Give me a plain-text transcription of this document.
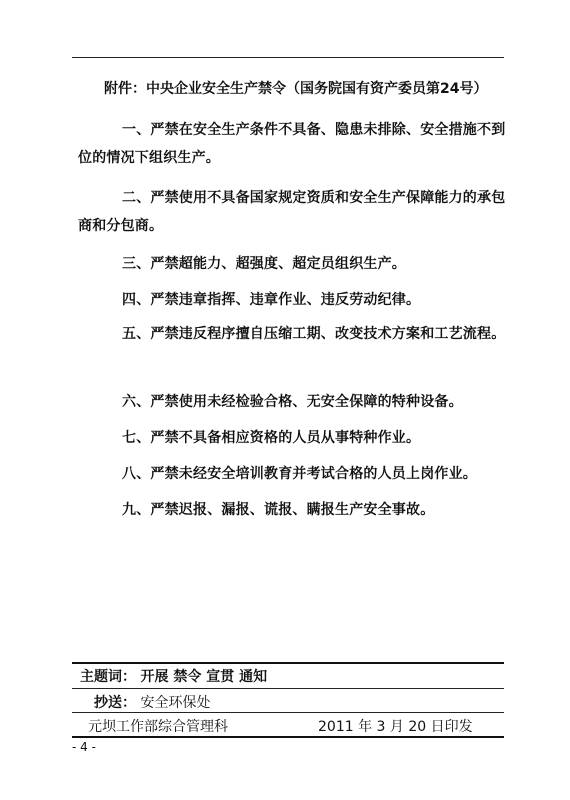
附件：中央企业安全生产禁令（国务院国有资产委员第24号）
一、严禁在安全生产条件不具备、隐患未排除、安全措施不到位的情况下组织生产。
二、严禁使用不具备国家规定资质和安全生产保障能力的承包商和分包商。
三、严禁超能力、超强度、超定员组织生产。
四、严禁违章指挥、违章作业、违反劳动纪律。
五、严禁违反程序擅自压缩工期、改变技术方案和工艺流程。
六、严禁使用未经检验合格、无安全保障的特种设备。
七、严禁不具备相应资格的人员从事特种作业。
八、严禁未经安全培训教育并考试合格的人员上岗作业。
九、严禁迟报、漏报、谎报、瞒报生产安全事故。
主题词： 开展 禁令 宣贯 通知
抄送： 安全环保处
元坝工作部综合管理科	2011 年 3 月 20 日印发
- 4 -
